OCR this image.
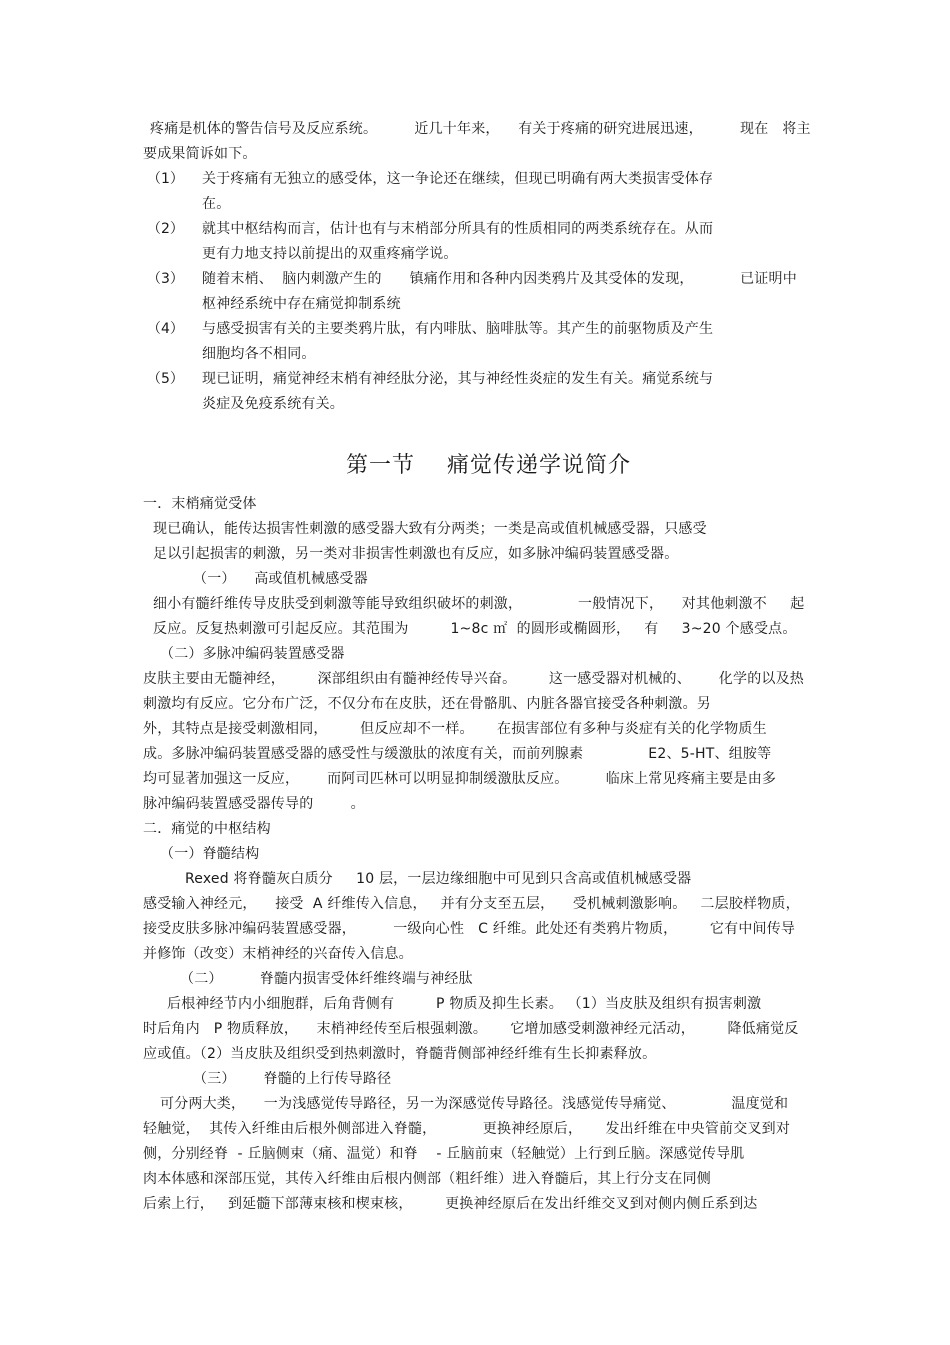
疼痛是机体的警告信号及反应系统。        近几十年来，    有关于疼痛的研究进展迅速，        现在   将主
要成果简诉如下。
（1） 关于疼痛有无独立的感受体，这一争论还在继续，但现已明确有两大类损害受体存
在。
（2） 就其中枢结构而言，估计也有与末梢部分所具有的性质相同的两类系统存在。从而
更有力地支持以前提出的双重疼痛学说。
（3） 随着末梢、  脑内刺激产生的      镇痛作用和各种内因类鸦片及其受体的发现，          已证明中
枢神经系统中存在痛觉抑制系统
（4） 与感受损害有关的主要类鸦片肽，有内啡肽、脑啡肽等。其产生的前驱物质及产生
细胞均各不相同。
（5） 现已证明，痛觉神经末梢有神经肽分泌，其与神经性炎症的发生有关。痛觉系统与
炎症及免疫系统有关。
第一节    痛觉传递学说简介
一．末梢痛觉受体
现已确认，能传达损害性刺激的感受器大致有分两类；一类是高或值机械感受器，只感受
足以引起损害的刺激，另一类对非损害性刺激也有反应，如多脉冲编码装置感受器。
（一）    高或值机械感受器
细小有髓纤维传导皮肤受到刺激等能导致组织破坏的刺激，            一般情况下，    对其他刺激不     起
反应。反复热刺激可引起反应。其范围为         1~8c ㎡  的圆形或椭圆形，   有     3~20 个感受点。
（二）多脉冲编码装置感受器
皮肤主要由无髓神经，       深部组织由有髓神经传导兴奋。       这一感受器对机械的、      化学的以及热
刺激均有反应。它分布广泛，不仅分布在皮肤，还在骨骼肌、内脏各器官接受各种刺激。另
外，其特点是接受刺激相同，       但反应却不一样。     在损害部位有多种与炎症有关的化学物质生
成。多脉冲编码装置感受器的感受性与缓激肽的浓度有关，而前列腺素              E2、5-HT、组胺等
均可显著加强这一反应，      而阿司匹林可以明显抑制缓激肽反应。        临床上常见疼痛主要是由多
脉冲编码装置感受器传导的        。
二．痛觉的中枢结构
（一）脊髓结构
Rexed 将脊髓灰白质分     10 层，一层边缘细胞中可见到只含高或值机械感受器
感受输入神经元，    接受  A 纤维传入信息，   并有分支至五层，    受机械刺激影响。   二层胶样物质，
接受皮肤多脉冲编码装置感受器，        一级向心性   C 纤维。此处还有类鸦片物质，       它有中间传导
并修饰（改变）末梢神经的兴奋传入信息。
（二）        脊髓内损害受体纤维终端与神经肽
后根神经节内小细胞群，后角背侧有         P 物质及抑生长素。 （1）当皮肤及组织有损害刺激
时后角内   P 物质释放，    末梢神经传至后根强刺激。     它增加感受刺激神经元活动，       降低痛觉反
应或值。（2）当皮肤及组织受到热刺激时，脊髓背侧部神经纤维有生长抑素释放。
（三）      脊髓的上行传导路径
可分两大类，    一为浅感觉传导路径，另一为深感觉传导路径。浅感觉传导痛觉、            温度觉和
轻触觉，  其传入纤维由后根外侧部进入脊髓，          更换神经原后，     发出纤维在中央管前交叉到对
侧，分别经脊  - 丘脑侧束（痛、温觉）和脊    - 丘脑前束（轻触觉）上行到丘脑。深感觉传导肌
肉本体感和深部压觉，其传入纤维由后根内侧部（粗纤维）进入脊髓后，其上行分支在同侧
后索上行，   到延髓下部薄束核和楔束核，       更换神经原后在发出纤维交叉到对侧内侧丘系到达
